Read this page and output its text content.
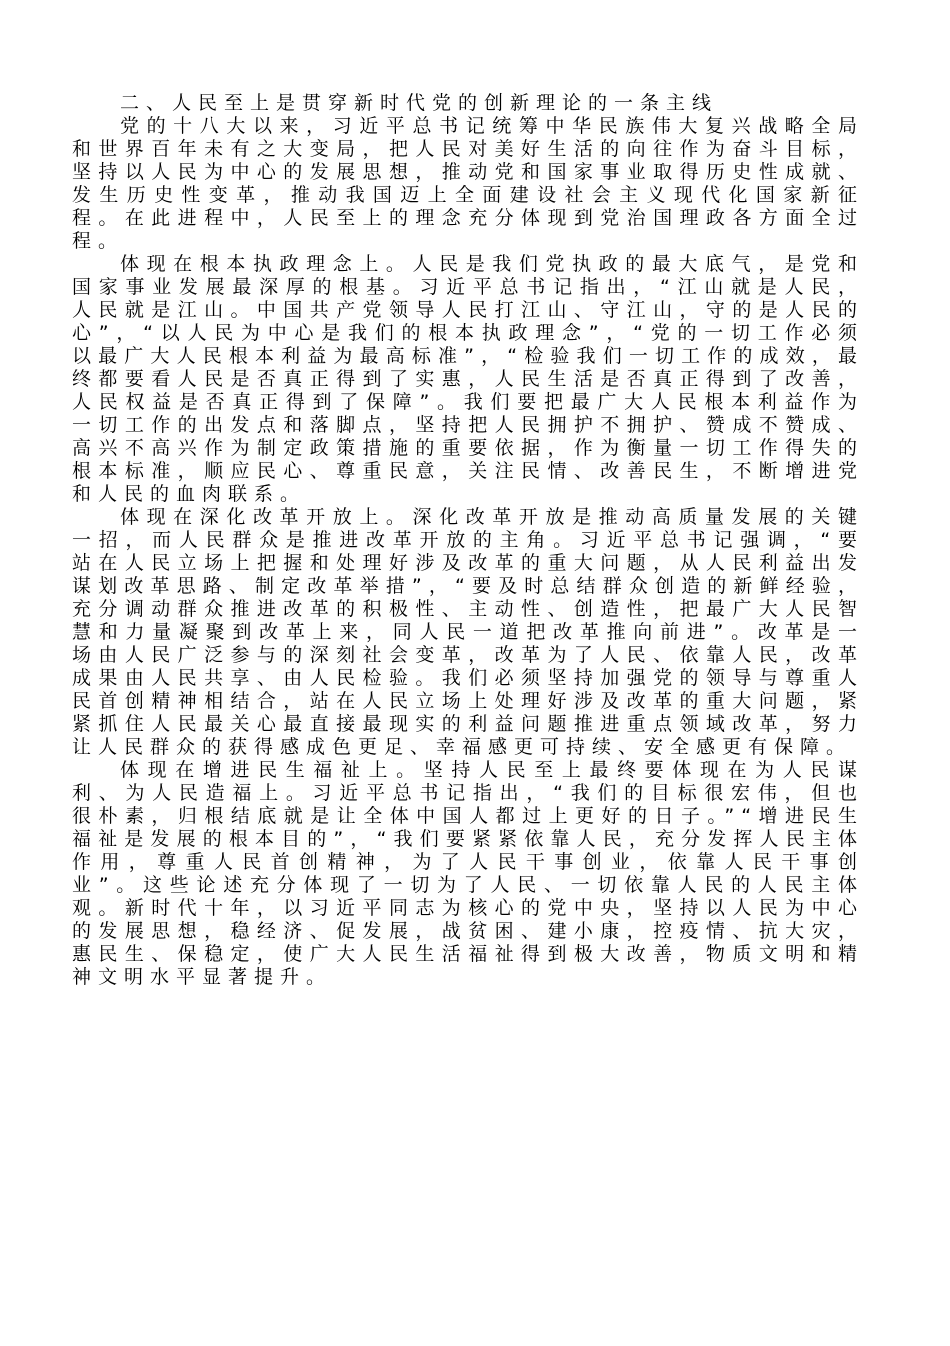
二、人民至上是贯穿新时代党的创新理论的一条主线

党的十八大以来，习近平总书记统筹中华民族伟大复兴战略全局和世界百年未有之大变局，把人民对美好生活的向往作为奋斗目标，坚持以人民为中心的发展思想，推动党和国家事业取得历史性成就、发生历史性变革，推动我国迈上全面建设社会主义现代化国家新征程。在此进程中，人民至上的理念充分体现到党治国理政各方面全过程。

体现在根本执政理念上。人民是我们党执政的最大底气，是党和国家事业发展最深厚的根基。习近平总书记指出，“江山就是人民，人民就是江山。中国共产党领导人民打江山、守江山，守的是人民的心”，“以人民为中心是我们的根本执政理念”，“党的一切工作必须以最广大人民根本利益为最高标准”，“检验我们一切工作的成效，最终都要看人民是否真正得到了实惠，人民生活是否真正得到了改善，人民权益是否真正得到了保障”。我们要把最广大人民根本利益作为一切工作的出发点和落脚点，坚持把人民拥护不拥护、赞成不赞成、高兴不高兴作为制定政策措施的重要依据，作为衡量一切工作得失的根本标准，顺应民心、尊重民意，关注民情、改善民生，不断增进党和人民的血肉联系。

体现在深化改革开放上。深化改革开放是推动高质量发展的关键一招，而人民群众是推进改革开放的主角。习近平总书记强调，“要站在人民立场上把握和处理好涉及改革的重大问题，从人民利益出发谋划改革思路、制定改革举措”，“要及时总结群众创造的新鲜经验，充分调动群众推进改革的积极性、主动性、创造性，把最广大人民智慧和力量凝聚到改革上来，同人民一道把改革推向前进”。改革是一场由人民广泛参与的深刻社会变革，改革为了人民、依靠人民，改革成果由人民共享、由人民检验。我们必须坚持加强党的领导与尊重人民首创精神相结合，站在人民立场上处理好涉及改革的重大问题，紧紧抓住人民最关心最直接最现实的利益问题推进重点领域改革，努力让人民群众的获得感成色更足、幸福感更可持续、安全感更有保障。

体现在增进民生福祉上。坚持人民至上最终要体现在为人民谋利、为人民造福上。习近平总书记指出，“我们的目标很宏伟，但也很朴素，归根结底就是让全体中国人都过上更好的日子。”“增进民生福祉是发展的根本目的”，“我们要紧紧依靠人民，充分发挥人民主体作用，尊重人民首创精神，为了人民干事创业，依靠人民干事创业”。这些论述充分体现了一切为了人民、一切依靠人民的人民主体观。新时代十年，以习近平同志为核心的党中央，坚持以人民为中心的发展思想，稳经济、促发展，战贫困、建小康，控疫情、抗大灾，惠民生、保稳定，使广大人民生活福祉得到极大改善，物质文明和精神文明水平显著提升。
